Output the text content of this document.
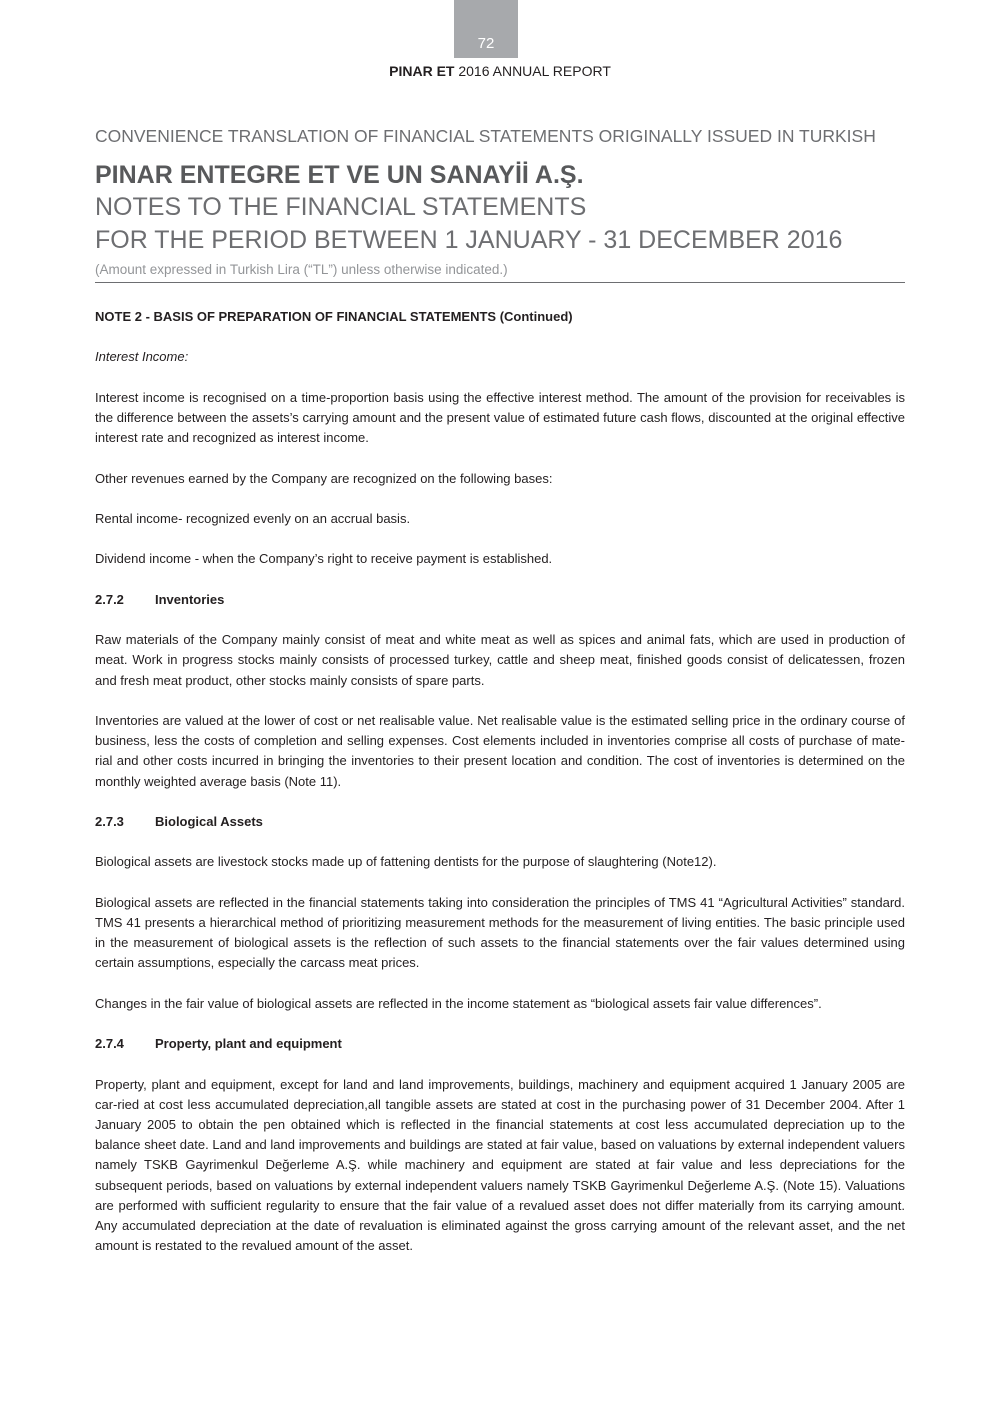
72
PINAR ET 2016 ANNUAL REPORT

CONVENIENCE TRANSLATION OF FINANCIAL STATEMENTS ORIGINALLY ISSUED IN TURKISH

PINAR ENTEGRE ET VE UN SANAYİİ A.Ş.

NOTES TO THE FINANCIAL STATEMENTS

FOR THE PERIOD BETWEEN 1 JANUARY - 31 DECEMBER 2016

(Amount expressed in Turkish Lira (“TL”) unless otherwise indicated.)

NOTE 2 - BASIS OF PREPARATION OF FINANCIAL STATEMENTS (Continued)

Interest Income:

Interest income is recognised on a time-proportion basis using the effective interest method. The amount of the provision for receivables is the difference between the assets’s carrying amount and the present value of estimated future cash flows, discounted at the original effective interest rate and recognized as interest income.

Other revenues earned by the Company are recognized on the following bases:

Rental income- recognized evenly on an accrual basis.

Dividend income - when the Company’s right to receive payment is established.

2.7.2	Inventories

Raw materials of the Company mainly consist of meat and white meat as well as spices and animal fats, which are used in production of meat. Work in progress stocks mainly consists of processed turkey, cattle and sheep meat, finished goods consist of delicatessen, frozen and fresh meat product, other stocks mainly consists of spare parts.

Inventories are valued at the lower of cost or net realisable value. Net realisable value is the estimated selling price in the ordinary course of business, less the costs of completion and selling expenses. Cost elements included in inventories comprise all costs of purchase of mate-rial and other costs incurred in bringing the inventories to their present location and condition. The cost of inventories is determined on the monthly weighted average basis (Note 11).

2.7.3	Biological Assets

Biological assets are livestock stocks made up of fattening dentists for the purpose of slaughtering (Note12).

Biological assets are reflected in the financial statements taking into consideration the principles of TMS 41 “Agricultural Activities” standard. TMS 41 presents a hierarchical method of prioritizing measurement methods for the measurement of living entities. The basic principle used in the measurement of biological assets is the reflection of such assets to the financial statements over the fair values determined using certain assumptions, especially the carcass meat prices.

Changes in the fair value of biological assets are reflected in the income statement as “biological assets fair value differences”.

2.7.4	Property, plant and equipment

Property, plant and equipment, except for land and land improvements, buildings, machinery and equipment acquired 1 January 2005 are car-ried at cost less accumulated depreciation,all tangible assets are stated at cost in the purchasing power of 31 December 2004. After 1 January 2005 to obtain the pen obtained which is reflected in the financial statements at cost less accumulated depreciation up to the balance sheet date. Land and land improvements and buildings are stated at fair value, based on valuations by external independent valuers namely TSKB Gayrimenkul Değerleme A.Ş. while machinery and equipment are stated at fair value and less depreciations for the subsequent periods, based on valuations by external independent valuers namely TSKB Gayrimenkul Değerleme A.Ş. (Note 15). Valuations are performed with sufficient regularity to ensure that the fair value of a revalued asset does not differ materially from its carrying amount. Any accumulated depreciation at the date of revaluation is eliminated against the gross carrying amount of the relevant asset, and the net amount is restated to the revalued amount of the asset.
